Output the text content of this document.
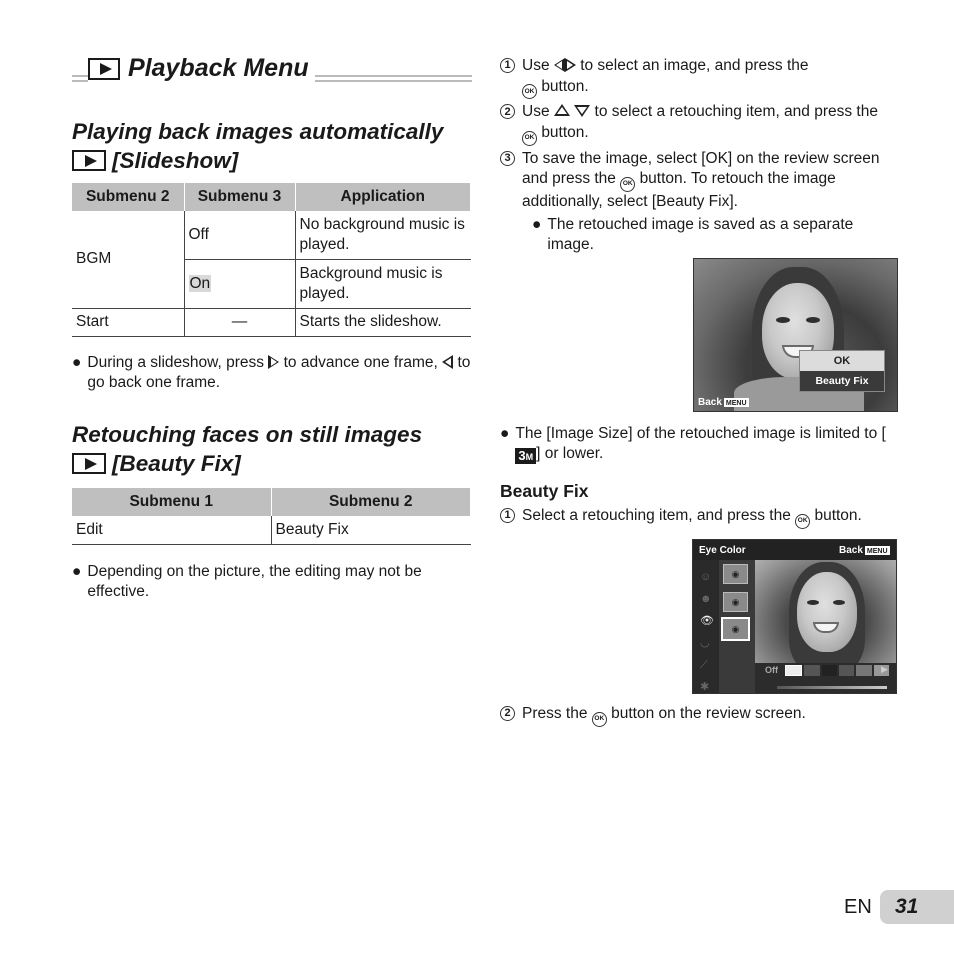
Playback Menu
Playing back images automatically
[Slideshow]
Submenu 2	Submenu 3	Application
BGM	Off	No background music is played.
	On	Background music is played.
Start	—	Starts the slideshow.
● During a slideshow, press to advance one frame, to go back one frame.
Retouching faces on still images
[Beauty Fix]
Submenu 1	Submenu 2
Edit	Beauty Fix
● Depending on the picture, the editing may not be effective.
1 Use to select an image, and press the
OK button.
2 Use	to select a retouching item, and press the OK button.
3 To save the image, select [OK] on the review screen and press the OK button. To retouch the image additionally, select [Beauty Fix].
● The retouched image is saved as a separate image.
OK
Beauty Fix
Back MENU
● The [Image Size] of the retouched image is limited to [3M ] or lower.
Beauty Fix
1 Select a retouching item, and press the OK button.
Eye Color	Back MENU
☺
☻
👁
◡
⟋
✱
◉
◉
◉
Off	▶
2 Press the OK button on the review screen.
EN 31
